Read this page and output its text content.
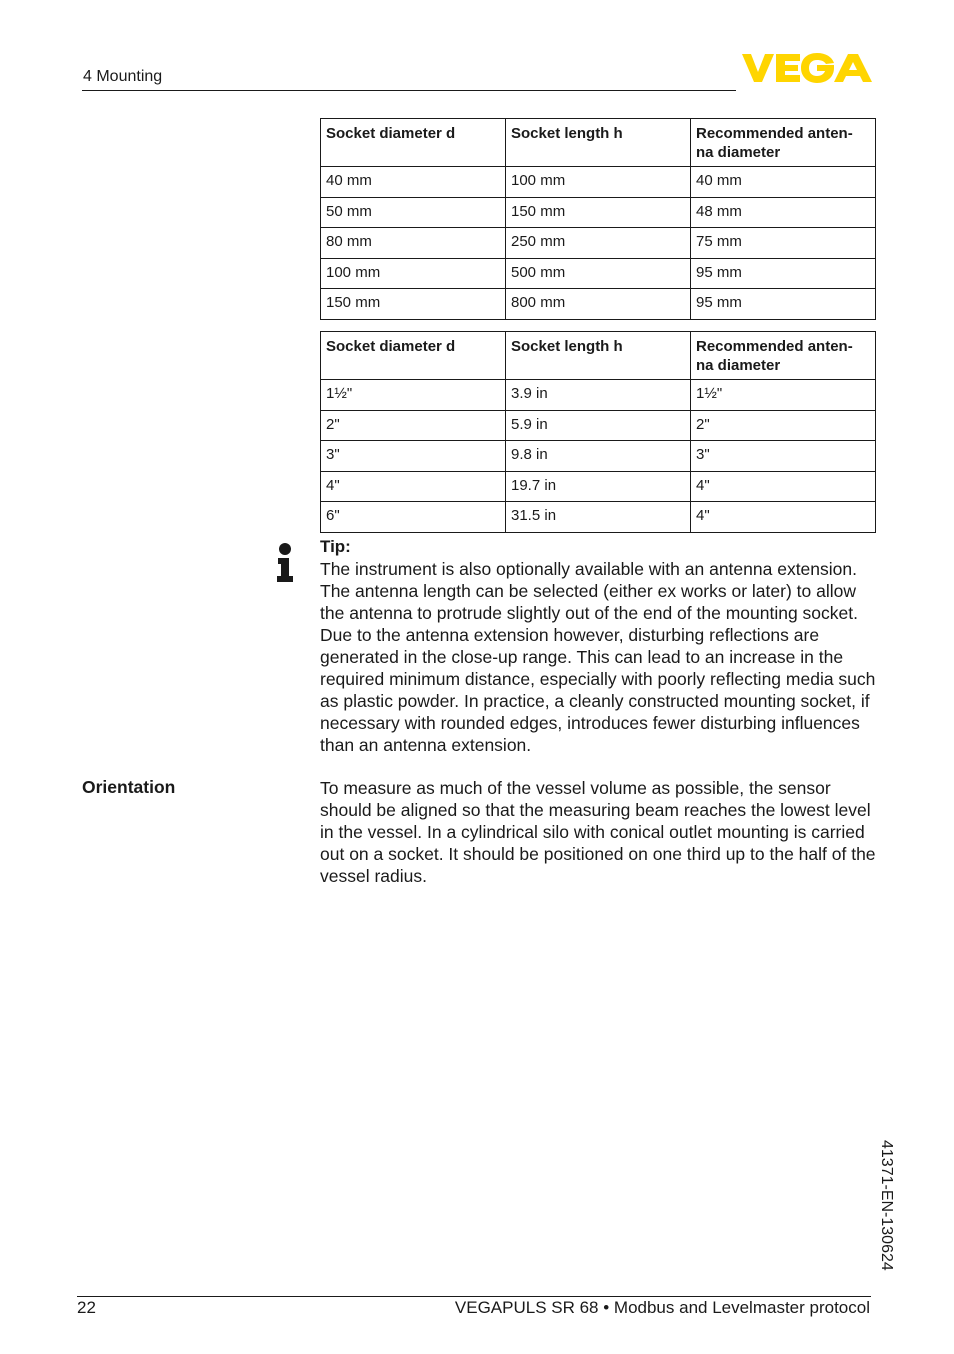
4 Mounting
Socket diameter d	Socket length h	Recommended anten-
na diameter
40 mm	100 mm	40 mm
50 mm	150 mm	48 mm
80 mm	250 mm	75 mm
100 mm	500 mm	95 mm
150 mm	800 mm	95 mm
Socket diameter d	Socket length h	Recommended anten-
na diameter
1½"	3.9 in	1½"
2"	5.9 in	2"
3"	9.8 in	3"
4"	19.7 in	4"
6"	31.5 in	4"
Tip:

The instrument is also optionally available with an antenna extension. The antenna length can be selected (either ex works or later) to allow the antenna to protrude slightly out of the end of the mounting socket. Due to the antenna extension however, disturbing reflections are generated in the close-up range. This can lead to an increase in the required minimum distance, especially with poorly reflecting media such as plastic powder. In practice, a cleanly constructed mounting socket, if necessary with rounded edges, introduces fewer disturbing influences than an antenna extension.

Orientation	To measure as much of the vessel volume as possible, the sensor should be aligned so that the measuring beam reaches the lowest level in the vessel. In a cylindrical silo with conical outlet mounting is carried out on a socket. It should be positioned on one third up to the half of the vessel radius.

41371-EN-130624
22	VEGAPULS SR 68 • Modbus and Levelmaster protocol
